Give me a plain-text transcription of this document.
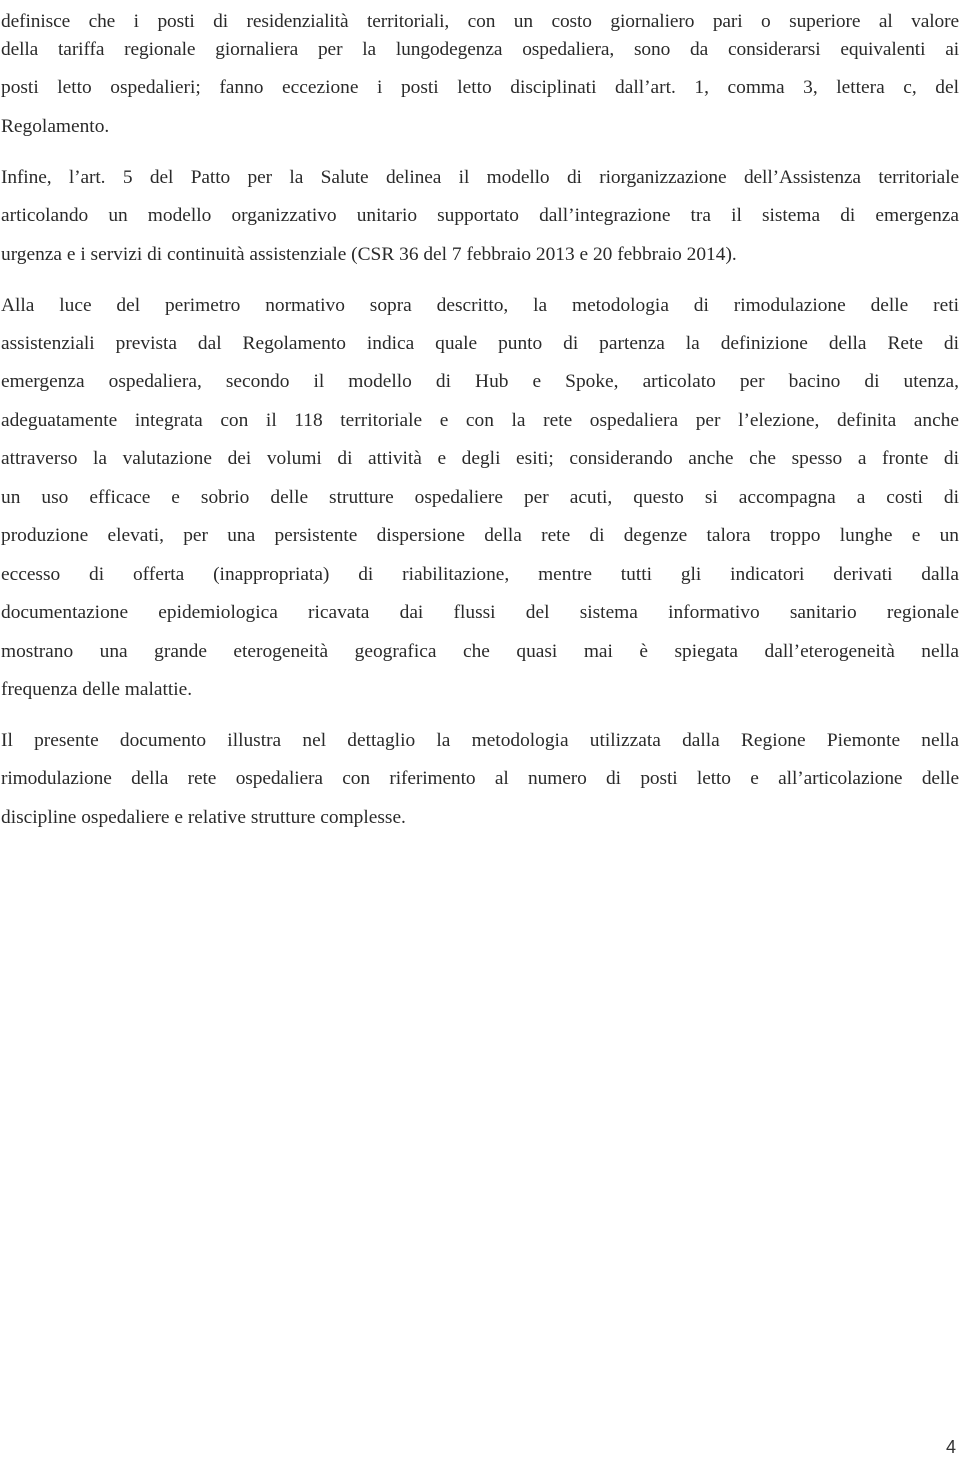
definisce che i posti di residenzialità territoriali, con un costo giornaliero pari o superiore al valore
della tariffa regionale giornaliera per la lungodegenza ospedaliera, sono da considerarsi equivalenti ai
posti letto ospedalieri; fanno eccezione i posti letto disciplinati dall’art. 1, comma 3, lettera c, del
Regolamento.
Infine, l’art. 5 del Patto per la Salute delinea il modello di riorganizzazione dell’Assistenza territoriale
articolando un modello organizzativo unitario supportato dall’integrazione tra il sistema di emergenza
urgenza e i servizi di continuità assistenziale (CSR 36 del 7 febbraio 2013 e 20 febbraio 2014).
Alla luce del perimetro normativo sopra descritto, la metodologia di rimodulazione delle reti
assistenziali prevista dal Regolamento indica quale punto di partenza la definizione della Rete di
emergenza ospedaliera, secondo il modello di Hub e Spoke, articolato per bacino di utenza,
adeguatamente integrata con il 118 territoriale e con la rete ospedaliera per l’elezione, definita anche
attraverso la valutazione dei volumi di attività e degli esiti; considerando anche che spesso a fronte di
un uso efficace e sobrio delle strutture ospedaliere per acuti, questo si accompagna a costi di
produzione elevati, per una persistente dispersione della rete di degenze talora troppo lunghe e un
eccesso di offerta (inappropriata) di riabilitazione, mentre tutti gli indicatori derivati dalla
documentazione epidemiologica ricavata dai flussi del sistema informativo sanitario regionale
mostrano una grande eterogeneità geografica che quasi mai è spiegata dall’eterogeneità nella
frequenza delle malattie.
Il presente documento illustra nel dettaglio la metodologia utilizzata dalla Regione Piemonte nella
rimodulazione della rete ospedaliera con riferimento al numero di posti letto e all’articolazione delle
discipline ospedaliere e relative strutture complesse.
4
